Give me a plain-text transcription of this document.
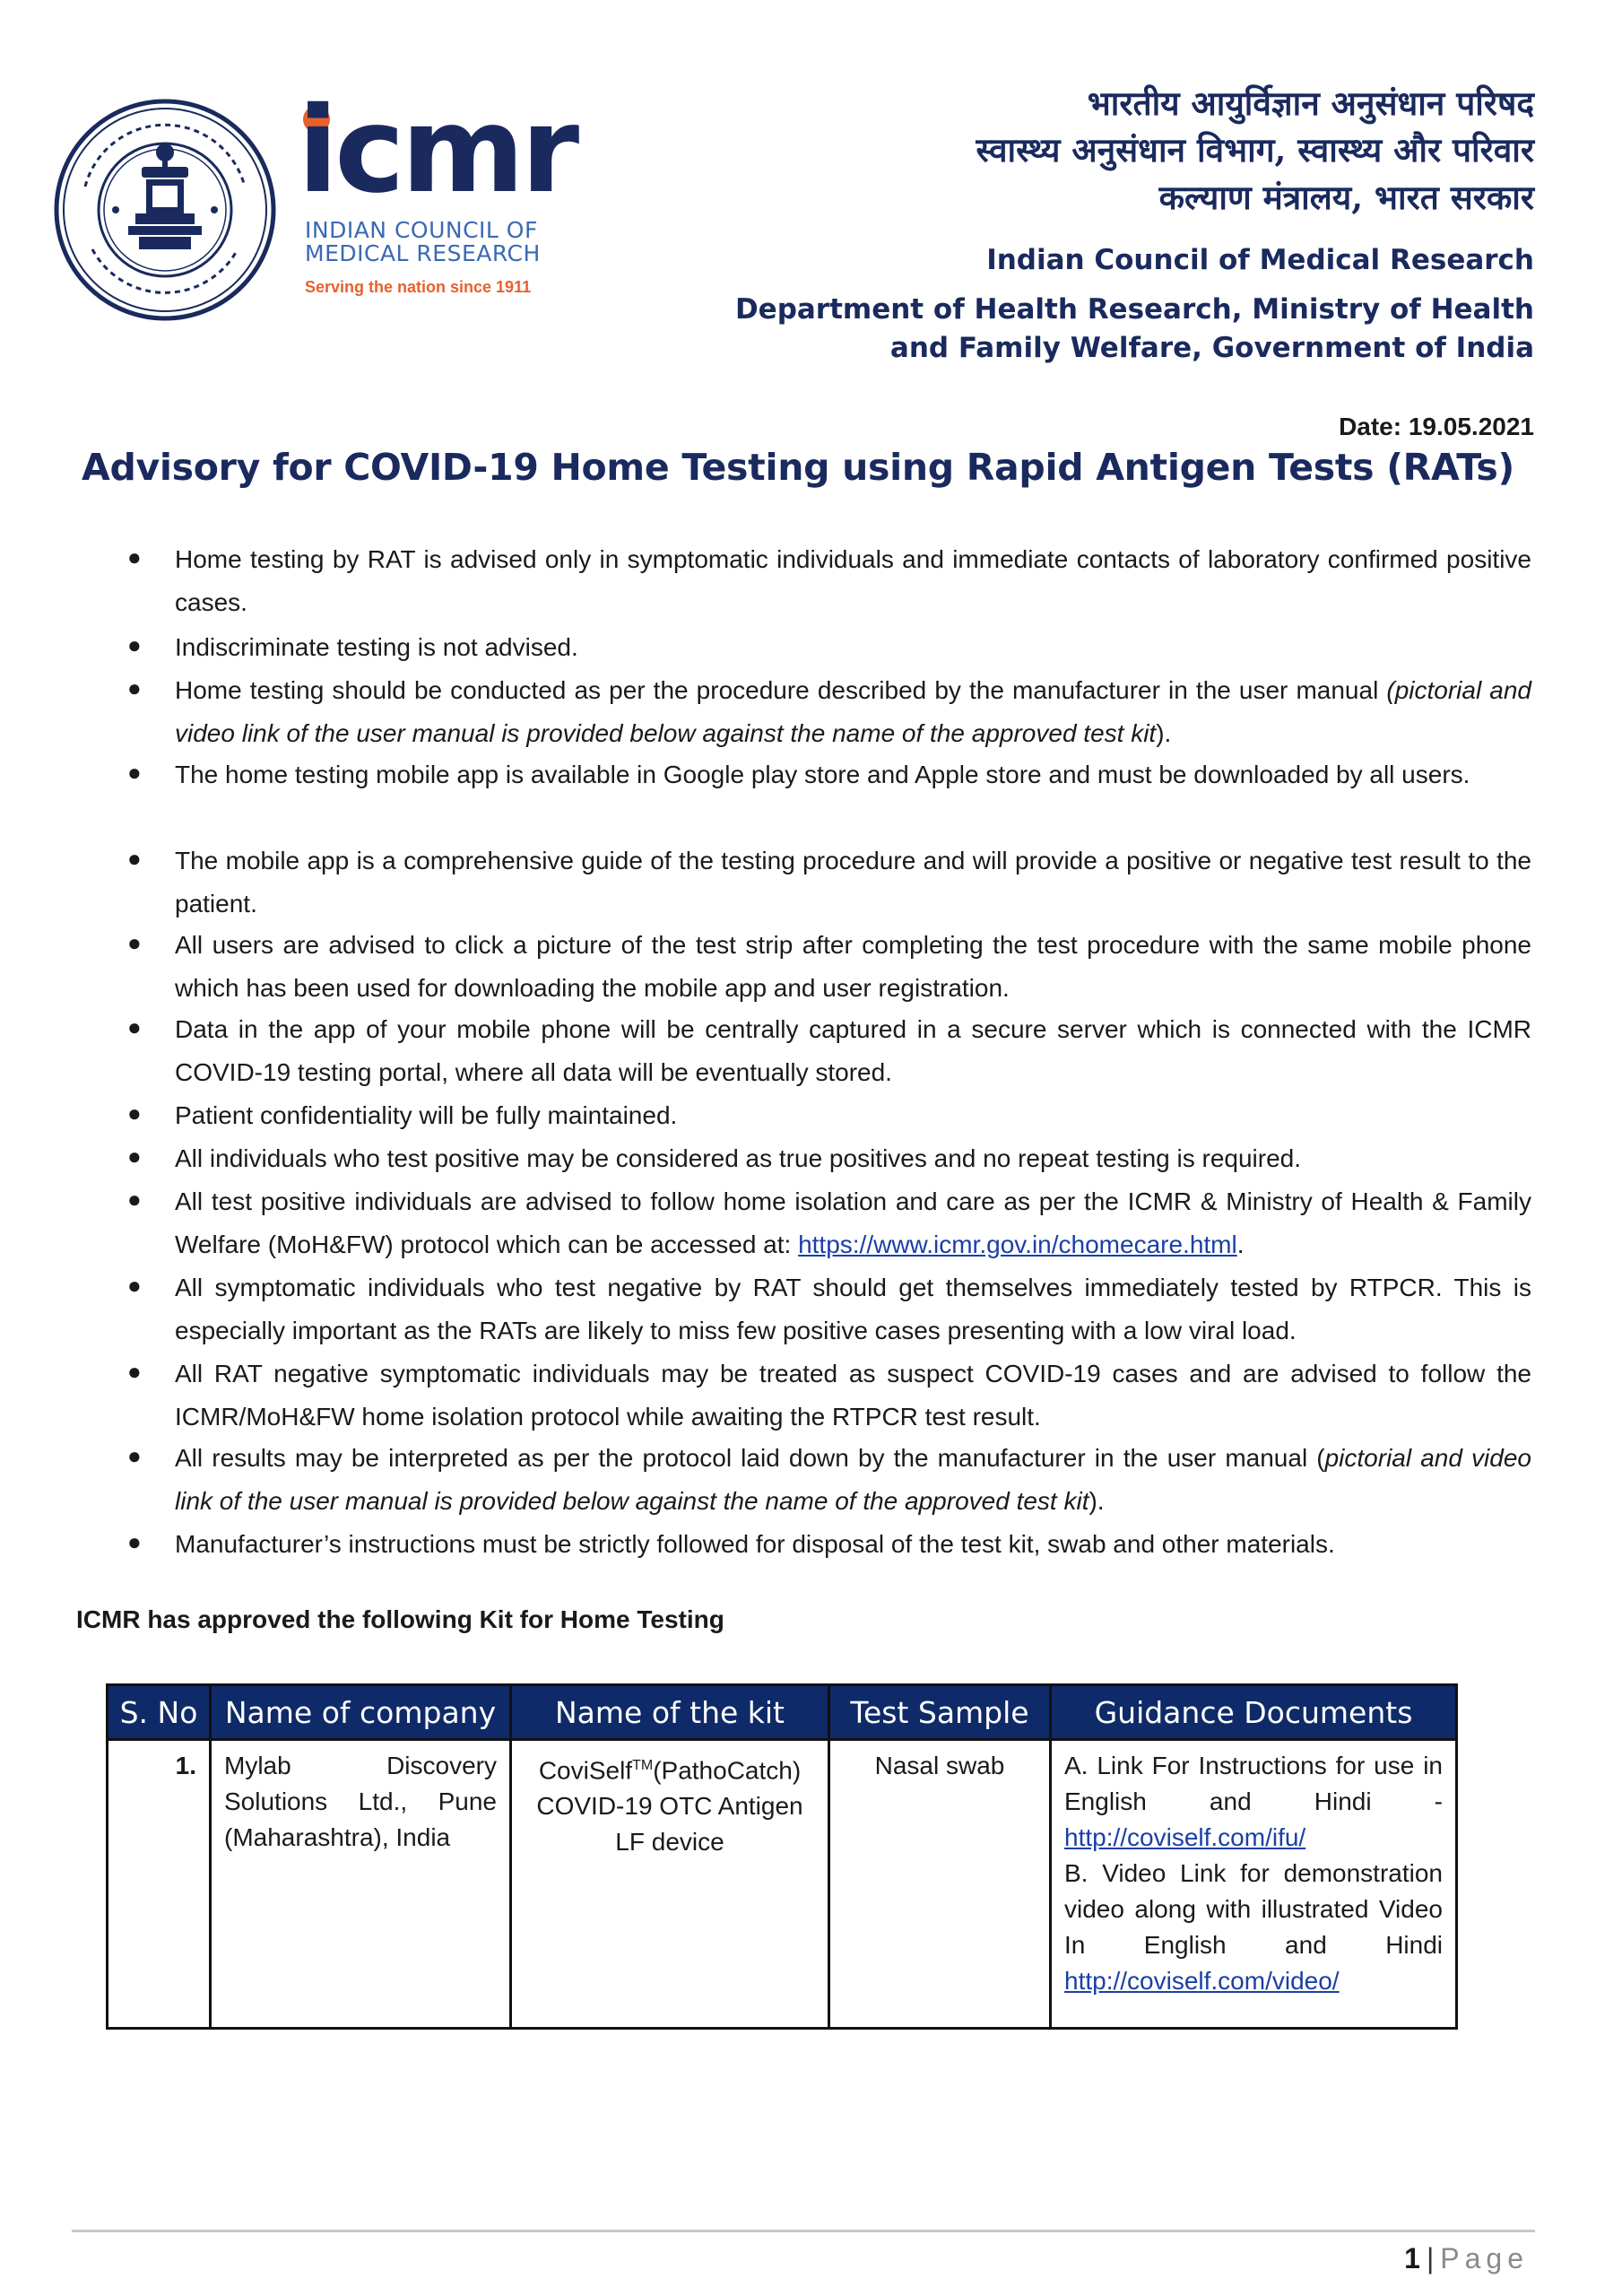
icmr
INDIAN COUNCIL OF
MEDICAL RESEARCH
Serving the nation since 1911
भारतीय आयुर्विज्ञान अनुसंधान परिषद
स्वास्थ्य अनुसंधान विभाग, स्वास्थ्य और परिवार
कल्याण मंत्रालय, भारत सरकार
Indian Council of Medical Research
Department of Health Research, Ministry of Health
and Family Welfare, Government of India
Date: 19.05.2021
Advisory for COVID-19 Home Testing using Rapid Antigen Tests (RATs)
● Home testing by RAT is advised only in symptomatic individuals and immediate contacts of laboratory confirmed positive cases.
● Indiscriminate testing is not advised.
● Home testing should be conducted as per the procedure described by the manufacturer in the user manual (pictorial and video link of the user manual is provided below against the name of the approved test kit).
● The home testing mobile app is available in Google play store and Apple store and must be downloaded by all users.
● The mobile app is a comprehensive guide of the testing procedure and will provide a positive or negative test result to the patient.
● All users are advised to click a picture of the test strip after completing the test procedure with the same mobile phone which has been used for downloading the mobile app and user registration.
● Data in the app of your mobile phone will be centrally captured in a secure server which is connected with the ICMR COVID-19 testing portal, where all data will be eventually stored.
● Patient confidentiality will be fully maintained.
● All individuals who test positive may be considered as true positives and no repeat testing is required.
● All test positive individuals are advised to follow home isolation and care as per the ICMR & Ministry of Health & Family Welfare (MoH&FW) protocol which can be accessed at: https://www.icmr.gov.in/chomecare.html.
● All symptomatic individuals who test negative by RAT should get themselves immediately tested by RTPCR. This is especially important as the RATs are likely to miss few positive cases presenting with a low viral load.
● All RAT negative symptomatic individuals may be treated as suspect COVID-19 cases and are advised to follow the ICMR/MoH&FW home isolation protocol while awaiting the RTPCR test result.
● All results may be interpreted as per the protocol laid down by the manufacturer in the user manual (pictorial and video link of the user manual is provided below against the name of the approved test kit).
● Manufacturer’s instructions must be strictly followed for disposal of the test kit, swab and other materials.
ICMR has approved the following Kit for Home Testing
S. No	Name of company	Name of the kit	Test Sample	Guidance Documents
1.	Mylab Discovery Solutions Ltd., Pune (Maharashtra), India	CoviSelf™(PathoCatch) COVID-19 OTC Antigen LF device	Nasal swab	A. Link For Instructions for use in English and Hindi -
http://coviself.com/ifu/
B. Video Link for demonstration video along with illustrated Video In English and Hindi
http://coviself.com/video/
1 | Page
